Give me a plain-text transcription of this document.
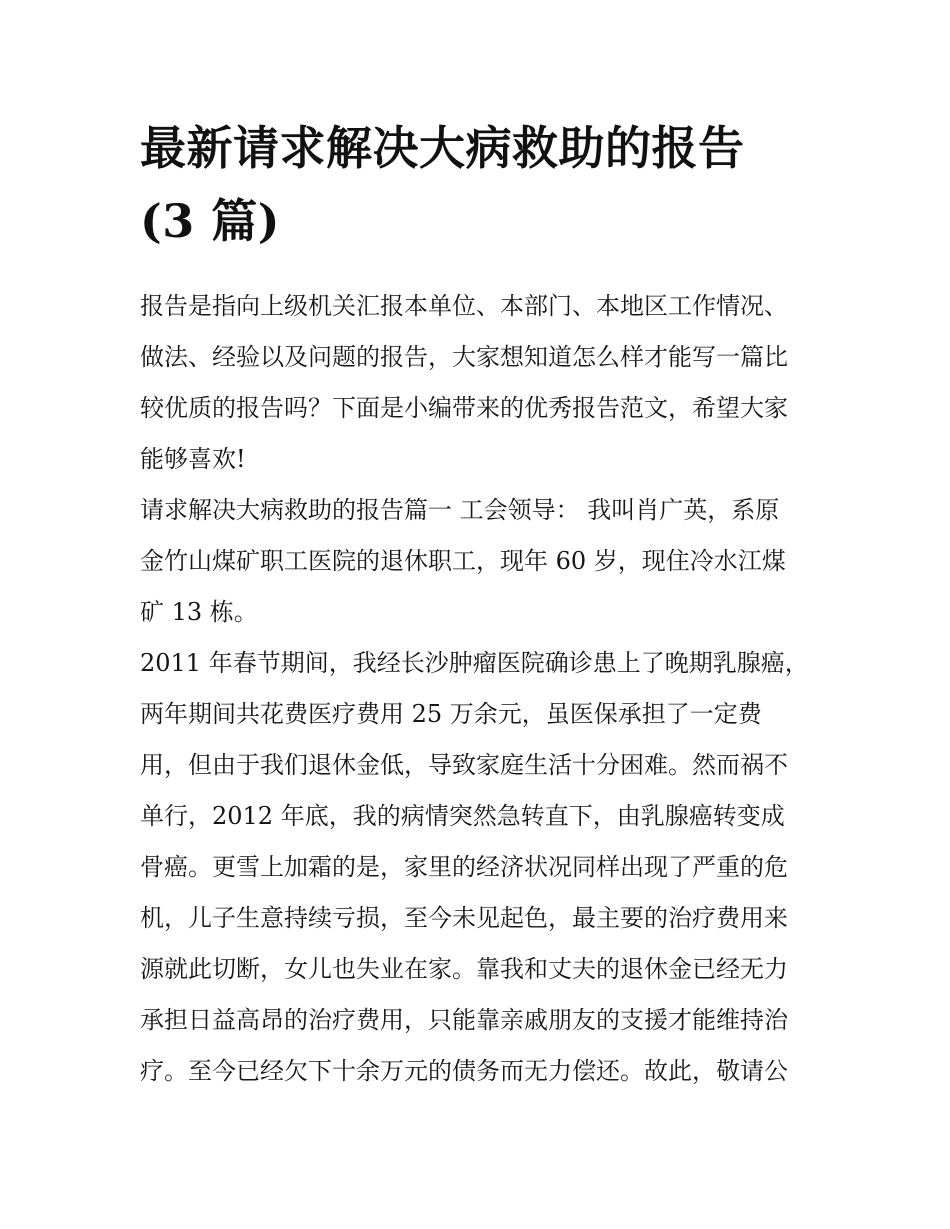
最新请求解决大病救助的报告
(3 篇)
报告是指向上级机关汇报本单位、本部门、本地区工作情况、
做法、经验以及问题的报告，大家想知道怎么样才能写一篇比
较优质的报告吗？下面是小编带来的优秀报告范文，希望大家
能够喜欢!
请求解决大病救助的报告篇一 工会领导： 我叫肖广英，系原
金竹山煤矿职工医院的退休职工，现年 60 岁，现住冷水江煤
矿 13 栋。
2011 年春节期间，我经长沙肿瘤医院确诊患上了晚期乳腺癌，
两年期间共花费医疗费用 25 万余元，虽医保承担了一定费
用，但由于我们退休金低，导致家庭生活十分困难。然而祸不
单行，2012 年底，我的病情突然急转直下，由乳腺癌转变成
骨癌。更雪上加霜的是，家里的经济状况同样出现了严重的危
机，儿子生意持续亏损，至今未见起色，最主要的治疗费用来
源就此切断，女儿也失业在家。靠我和丈夫的退休金已经无力
承担日益高昂的治疗费用，只能靠亲戚朋友的支援才能维持治
疗。至今已经欠下十余万元的债务而无力偿还。故此，敬请公
